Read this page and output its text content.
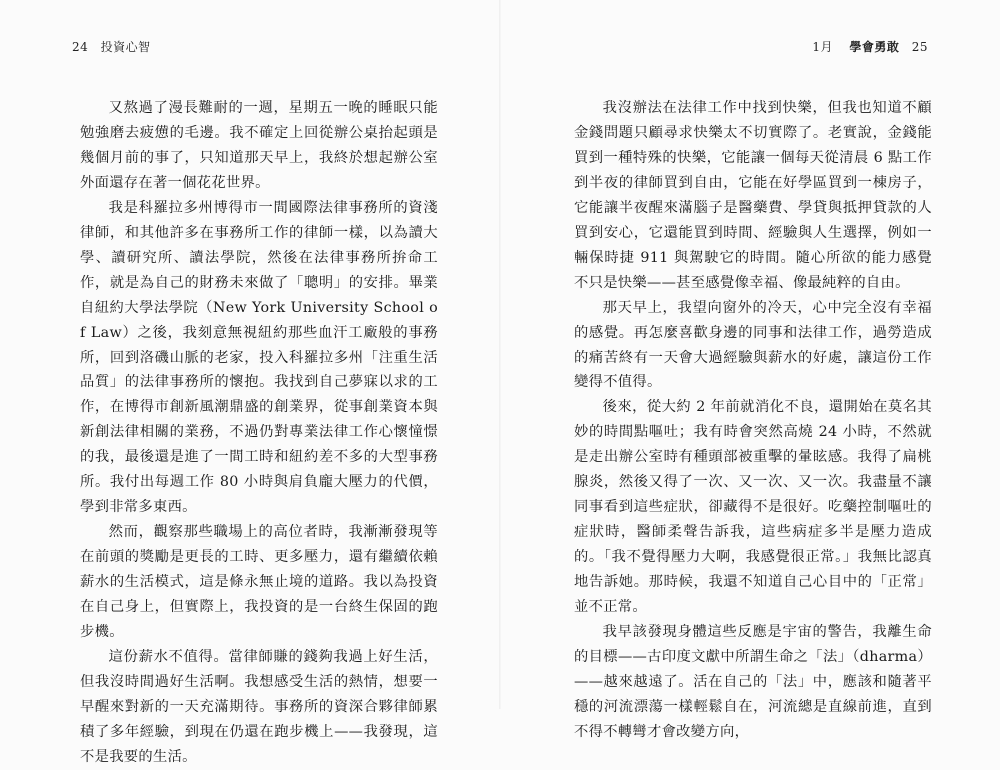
24 投資心智

又熬過了漫長難耐的一週，星期五一晚的睡眠只能勉強磨去疲憊的毛邊。我不確定上回從辦公桌抬起頭是幾個月前的事了，只知道那天早上，我終於想起辦公室外面還存在著一個花花世界。

我是科羅拉多州博得市一間國際法律事務所的資淺律師，和其他許多在事務所工作的律師一樣，以為讀大學、讀研究所、讀法學院，然後在法律事務所拚命工作，就是為自己的財務未來做了「聰明」的安排。畢業自紐約大學法學院（New York University School of Law）之後，我刻意無視紐約那些血汗工廠般的事務所，回到洛磯山脈的老家，投入科羅拉多州「注重生活品質」的法律事務所的懷抱。我找到自己夢寐以求的工作，在博得市創新風潮鼎盛的創業界，從事創業資本與新創法律相關的業務，不過仍對專業法律工作心懷憧憬的我，最後還是進了一間工時和紐約差不多的大型事務所。我付出每週工作 80 小時與肩負龐大壓力的代價，學到非常多東西。

然而，觀察那些職場上的高位者時，我漸漸發現等在前頭的獎勵是更長的工時、更多壓力，還有繼續依賴薪水的生活模式，這是條永無止境的道路。我以為投資在自己身上，但實際上，我投資的是一台終生保固的跑步機。

這份薪水不值得。當律師賺的錢夠我過上好生活，但我沒時間過好生活啊。我想感受生活的熱情，想要一早醒來對新的一天充滿期待。事務所的資深合夥律師累積了多年經驗，到現在仍還在跑步機上——我發現，這不是我要的生活。

1月 學會勇敢 25

我沒辦法在法律工作中找到快樂，但我也知道不顧金錢問題只顧尋求快樂太不切實際了。老實說，金錢能買到一種特殊的快樂，它能讓一個每天從清晨 6 點工作到半夜的律師買到自由，它能在好學區買到一棟房子，它能讓半夜醒來滿腦子是醫藥費、學貸與抵押貸款的人買到安心，它還能買到時間、經驗與人生選擇，例如一輛保時捷 911 與駕駛它的時間。隨心所欲的能力感覺不只是快樂——甚至感覺像幸福、像最純粹的自由。

那天早上，我望向窗外的冷天，心中完全沒有幸福的感覺。再怎麼喜歡身邊的同事和法律工作，過勞造成的痛苦終有一天會大過經驗與薪水的好處，讓這份工作變得不值得。

後來，從大約 2 年前就消化不良，還開始在莫名其妙的時間點嘔吐；我有時會突然高燒 24 小時，不然就是走出辦公室時有種頭部被重擊的暈眩感。我得了扁桃腺炎，然後又得了一次、又一次、又一次。我盡量不讓同事看到這些症狀，卻藏得不是很好。吃藥控制嘔吐的症狀時，醫師柔聲告訴我，這些病症多半是壓力造成的。「我不覺得壓力大啊，我感覺很正常。」我無比認真地告訴她。那時候，我還不知道自己心目中的「正常」並不正常。

我早該發現身體這些反應是宇宙的警告，我離生命的目標——古印度文獻中所謂生命之「法」（dharma）——越來越遠了。活在自己的「法」中，應該和隨著平穩的河流漂蕩一樣輕鬆自在，河流總是直線前進，直到不得不轉彎才會改變方向，
